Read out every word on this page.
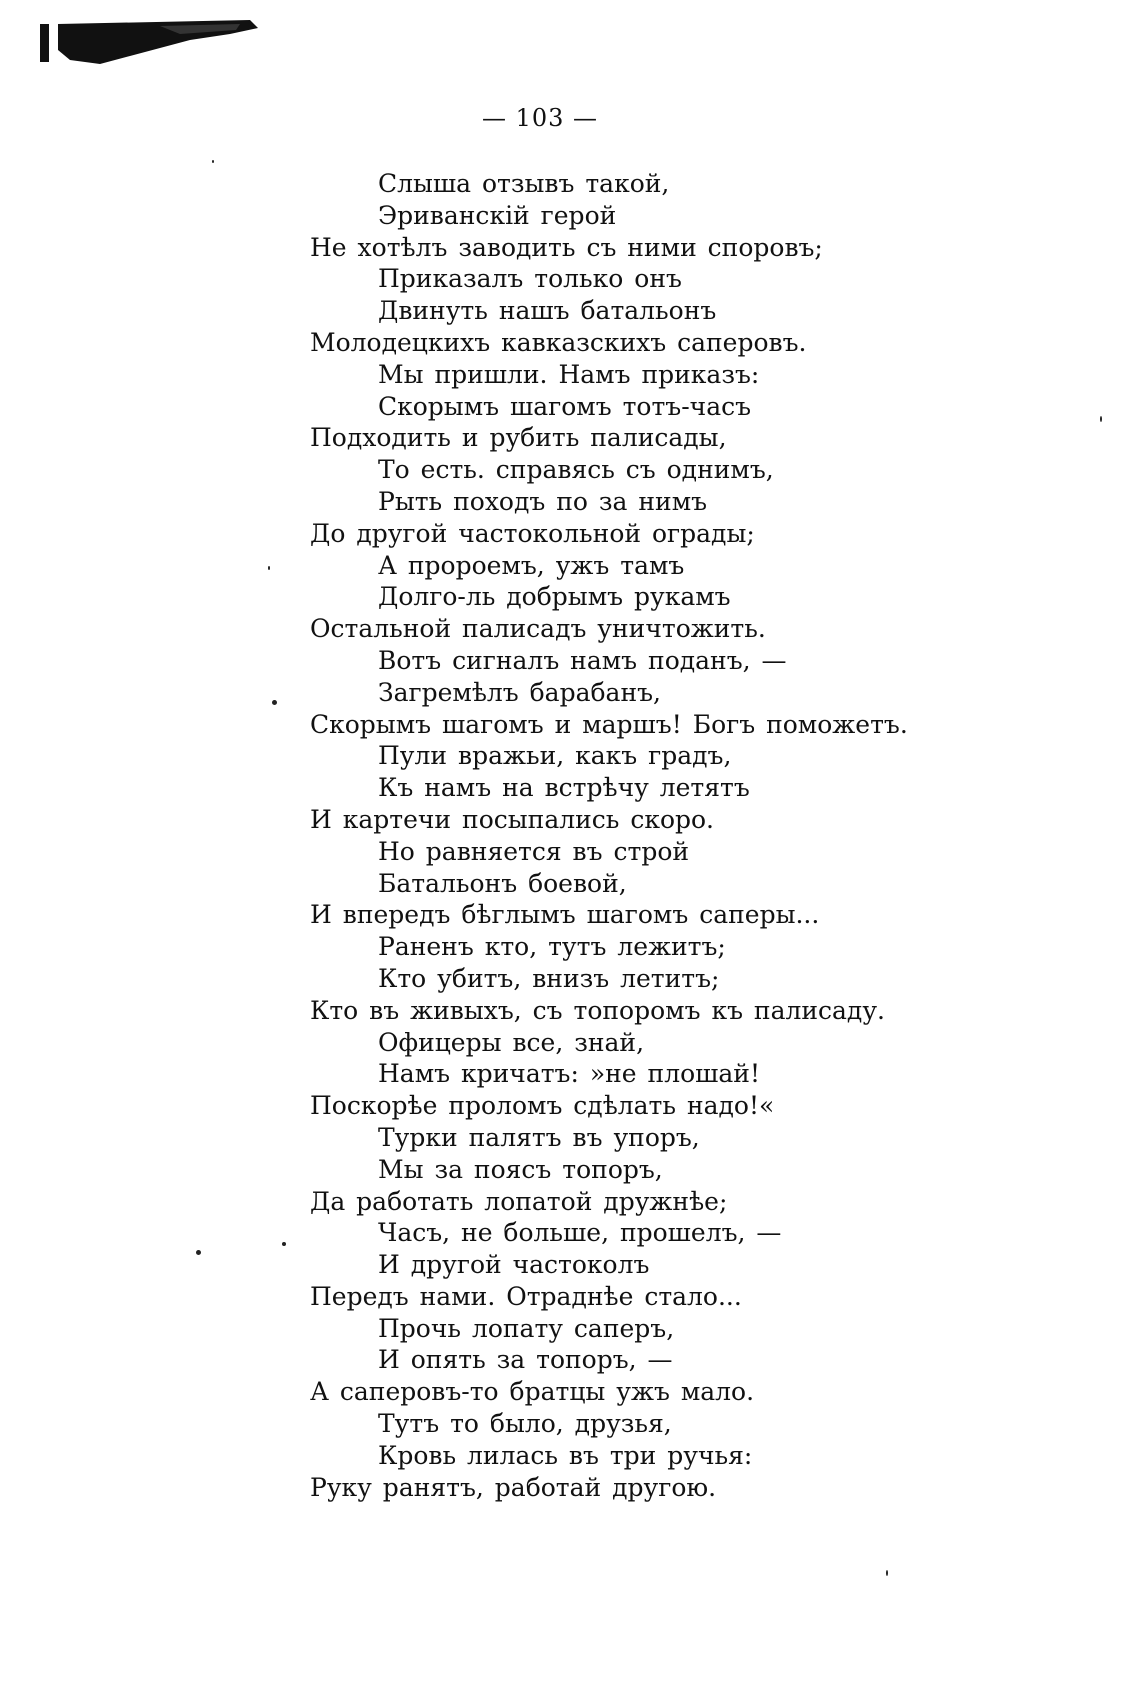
— 103 —
Слыша отзывъ такой,
Эриванскій герой
Не хотѣлъ заводить съ ними споровъ;
Приказалъ только онъ
Двинуть нашъ батальонъ
Молодецкихъ кавказскихъ саперовъ.
Мы пришли. Намъ приказъ:
Скорымъ шагомъ тотъ-часъ
Подходить и рубить палисады,
То есть. справясь съ однимъ,
Рыть походъ по за нимъ
До другой частокольной ограды;
А пророемъ, ужъ тамъ
Долго-ль добрымъ рукамъ
Остальной палисадъ уничтожить.
Вотъ сигналъ намъ поданъ, —
Загремѣлъ барабанъ,
Скорымъ шагомъ и маршъ! Богъ поможетъ.
Пули вражьи, какъ градъ,
Къ намъ на встрѣчу летятъ
И картечи посыпались скоро.
Но равняется въ строй
Батальонъ боевой,
И впередъ бѣглымъ шагомъ саперы...
Раненъ кто, тутъ лежитъ;
Кто убитъ, внизъ летитъ;
Кто въ живыхъ, съ топоромъ къ палисаду.
Офицеры все, знай,
Намъ кричатъ: »не плошай!
Поскорѣе проломъ сдѣлать надо!«
Турки палятъ въ упоръ,
Мы за поясъ топоръ,
Да работать лопатой дружнѣе;
Часъ, не больше, прошелъ, —
И другой частоколъ
Передъ нами. Отраднѣе стало...
Прочь лопату саперъ,
И опять за топоръ, —
А саперовъ-то братцы ужъ мало.
Тутъ то было, друзья,
Кровь лилась въ три ручья:
Руку ранятъ, работай другою.
